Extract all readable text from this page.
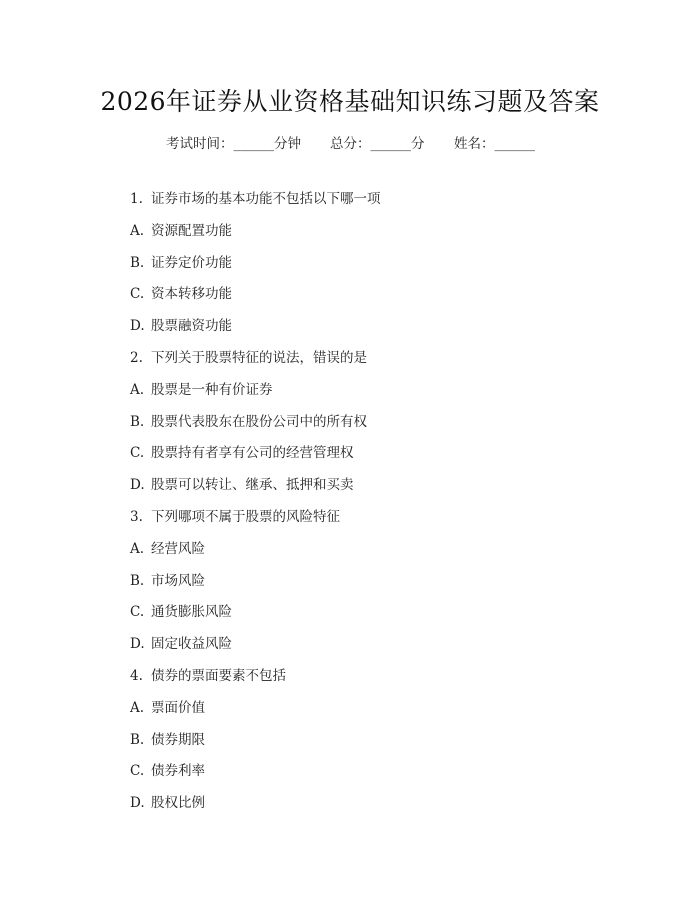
2026年证券从业资格基础知识练习题及答案
考试时间：______分钟 总分：______分 姓名：______
1. 证券市场的基本功能不包括以下哪一项
A. 资源配置功能
B. 证券定价功能
C. 资本转移功能
D. 股票融资功能
2. 下列关于股票特征的说法，错误的是
A. 股票是一种有价证券
B. 股票代表股东在股份公司中的所有权
C. 股票持有者享有公司的经营管理权
D. 股票可以转让、继承、抵押和买卖
3. 下列哪项不属于股票的风险特征
A. 经营风险
B. 市场风险
C. 通货膨胀风险
D. 固定收益风险
4. 债券的票面要素不包括
A. 票面价值
B. 债券期限
C. 债券利率
D. 股权比例
